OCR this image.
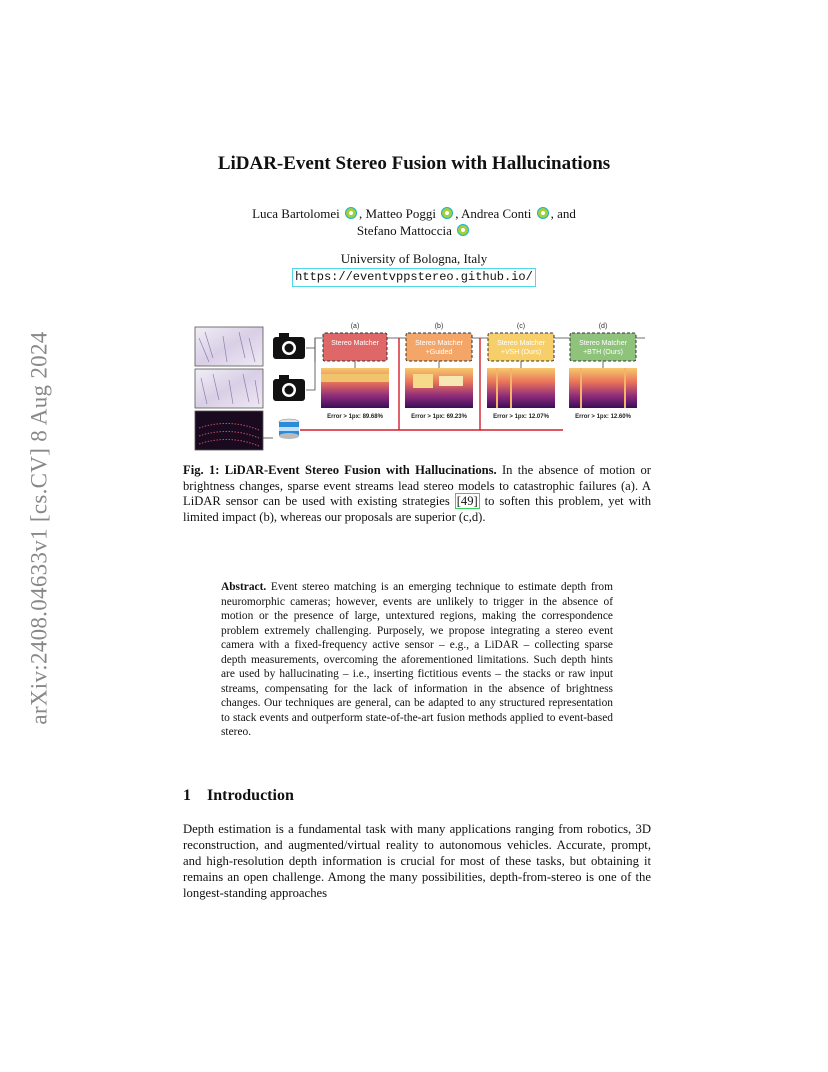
arXiv:2408.04633v1 [cs.CV] 8 Aug 2024
LiDAR-Event Stereo Fusion with Hallucinations
Luca Bartolomei , Matteo Poggi , Andrea Conti , and
Stefano Mattoccia
University of Bologna, Italy
https://eventvppstereo.github.io/
(a)
Stereo Matcher
Error > 1px: 89.68%
(b)
Stereo Matcher
+Guided
Error > 1px: 69.23%
(c)
Stereo Matcher
+VSH (Ours)
Error > 1px: 12.07%
(d)
Stereo Matcher
+BTH (Ours)
Error > 1px: 12.60%
Fig. 1: LiDAR-Event Stereo Fusion with Hallucinations. In the absence of motion or brightness changes, sparse event streams lead stereo models to catastrophic failures (a). A LiDAR sensor can be used with existing strategies [49] to soften this problem, yet with limited impact (b), whereas our proposals are superior (c,d).
Abstract. Event stereo matching is an emerging technique to estimate depth from neuromorphic cameras; however, events are unlikely to trigger in the absence of motion or the presence of large, untextured regions, making the correspondence problem extremely challenging. Purposely, we propose integrating a stereo event camera with a fixed-frequency active sensor – e.g., a LiDAR – collecting sparse depth measurements, overcoming the aforementioned limitations. Such depth hints are used by hallucinating – i.e., inserting fictitious events – the stacks or raw input streams, compensating for the lack of information in the absence of brightness changes. Our techniques are general, can be adapted to any structured representation to stack events and outperform state-of-the-art fusion methods applied to event-based stereo.
1 Introduction
Depth estimation is a fundamental task with many applications ranging from robotics, 3D reconstruction, and augmented/virtual reality to autonomous vehicles. Accurate, prompt, and high-resolution depth information is crucial for most of these tasks, but obtaining it remains an open challenge. Among the many possibilities, depth-from-stereo is one of the longest-standing approaches
